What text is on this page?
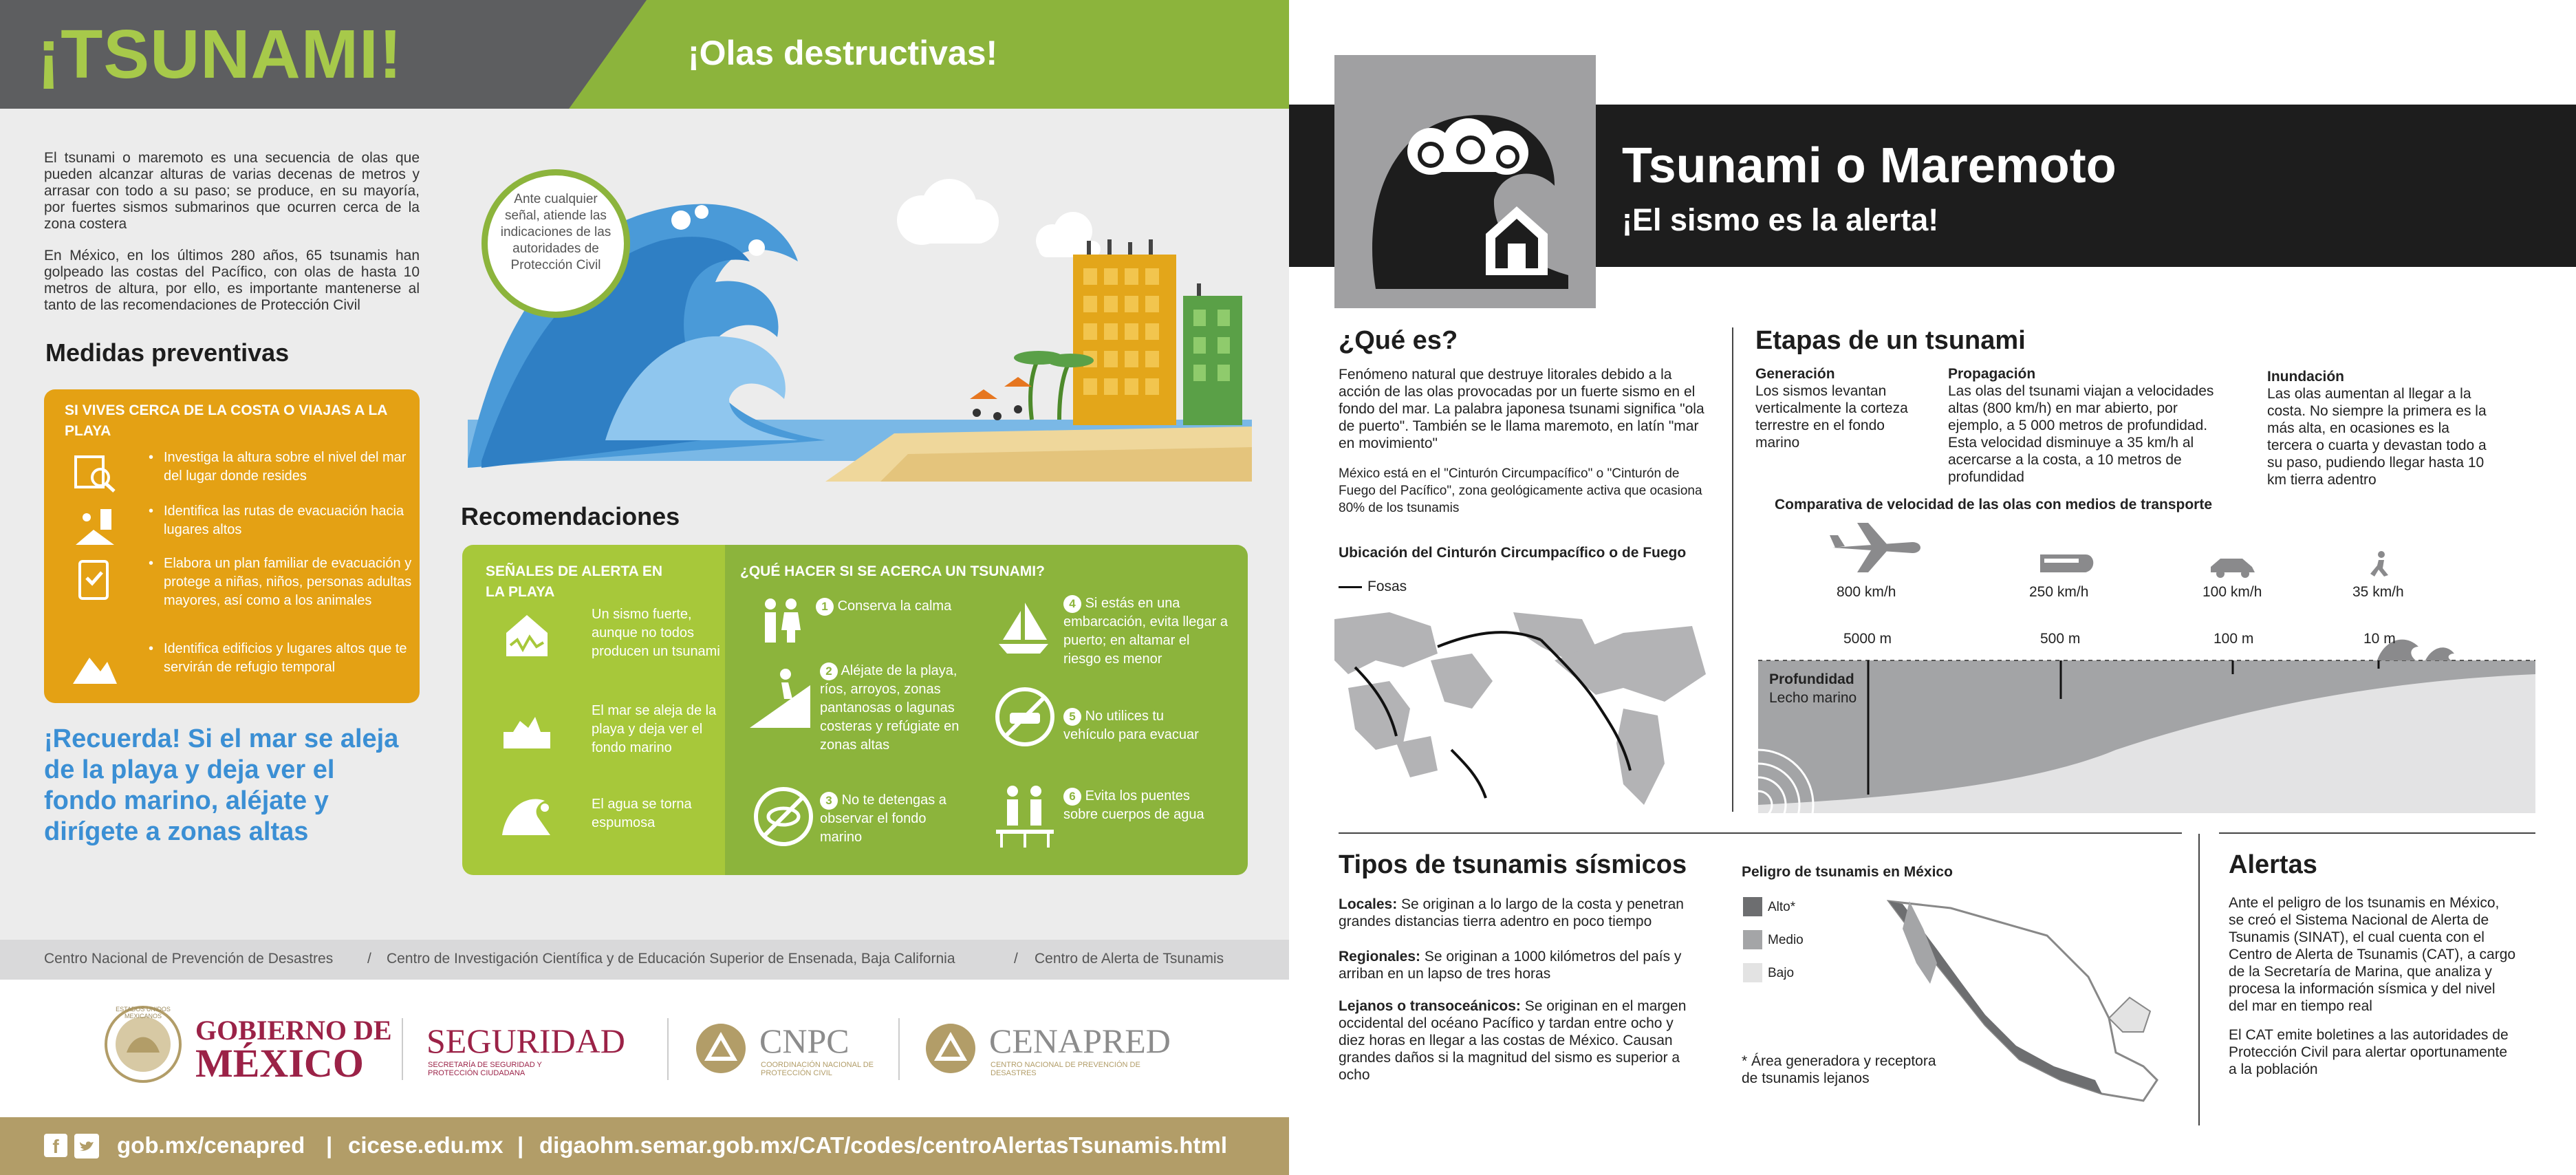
¡TSUNAMI!	¡Olas destructivas!
El tsunami o maremoto es una secuencia de olas que pueden alcanzar alturas de varias decenas de metros y arrasar con todo a su paso; se produce, en su mayoría, por fuertes sismos submarinos que ocurren cerca de la zona costera
En México, en los últimos 280 años, 65 tsunamis han golpeado las costas del Pacífico, con olas de hasta 10 metros de altura, por ello, es importante mantenerse al tanto de las recomendaciones de Protección Civil
Ante cualquier señal, atiende las indicaciones de las autoridades de Protección Civil
Medidas preventivas
SI VIVES CERCA DE LA COSTA O VIAJAS A LA PLAYA
• Investiga la altura sobre el nivel del mar del lugar donde resides
• Identifica las rutas de evacuación hacia lugares altos
• Elabora un plan familiar de evacuación y protege a niñas, niños, personas adultas mayores, así como a los animales
• Identifica edificios y lugares altos que te servirán de refugio temporal
¡Recuerda! Si el mar se aleja de la playa y deja ver el fondo marino, aléjate y dirígete a zonas altas
Recomendaciones
SEÑALES DE ALERTA EN LA PLAYA
Un sismo fuerte, aunque no todos producen un tsunami
El mar se aleja de la playa y deja ver el fondo marino
El agua se torna espumosa
¿QUÉ HACER SI SE ACERCA UN TSUNAMI?
1 Conserva la calma
2 Aléjate de la playa, ríos, arroyos, zonas pantanosas o lagunas costeras y refúgiate en zonas altas
3 No te detengas a observar el fondo marino
4 Si estás en una embarcación, evita llegar a puerto; en altamar el riesgo es menor
5 No utilices tu vehículo para evacuar
6 Evita los puentes sobre cuerpos de agua
Centro Nacional de Prevención de Desastres / Centro de Investigación Científica y de Educación Superior de Ensenada, Baja California	/ Centro de Alerta de Tsunamis
ESTADOS UNIDOS MEXICANOS	GOBIERNO DE
MÉXICO SEGURIDAD
SECRETARÍA DE SEGURIDAD Y PROTECCIÓN CIUDADANA
CNPC
COORDINACIÓN NACIONAL DE PROTECCIÓN CIVIL
CENAPRED
CENTRO NACIONAL DE PREVENCIÓN DE DESASTRES
f	gob.mx/cenapred | cicese.edu.mx | digaohm.semar.gob.mx/CAT/codes/centroAlertasTsunamis.html
Tsunami o Maremoto
¡El sismo es la alerta!
¿Qué es?
Fenómeno natural que destruye litorales debido a la acción de las olas provocadas por un fuerte sismo en el fondo del mar. La palabra japonesa tsunami significa "ola de puerto". También se le llama maremoto, en latín "mar en movimiento"
México está en el "Cinturón Circumpacífico" o "Cinturón de Fuego del Pacífico", zona geológicamente activa que ocasiona 80% de los tsunamis
Ubicación del Cinturón Circumpacífico o de Fuego
Fosas
Etapas de un tsunami
Generación
Los sismos levantan verticalmente la corteza terrestre en el fondo marino
Propagación
Las olas del tsunami viajan a velocidades altas (800 km/h) en mar abierto, por ejemplo, a 5 000 metros de profundidad. Esta velocidad disminuye a 35 km/h al acercarse a la costa, a 10 metros de profundidad
Inundación
Las olas aumentan al llegar a la costa. No siempre la primera es la más alta, en ocasiones es la tercera o cuarta y devastan todo a su paso, pudiendo llegar hasta 10 km tierra adentro
Comparativa de velocidad de las olas con medios de transporte
800 km/h	250 km/h	100 km/h	35 km/h
5000 m	500 m	100 m	10 m
Profundidad
Lecho marino
Tipos de tsunamis sísmicos
Locales: Se originan a lo largo de la costa y penetran grandes distancias tierra adentro en poco tiempo
Regionales: Se originan a 1000 kilómetros del país y arriban en un lapso de tres horas
Lejanos o transoceánicos: Se originan en el margen occidental del océano Pacífico y tardan entre ocho y diez horas en llegar a las costas de México. Causan grandes daños si la magnitud del sismo es superior a ocho
Peligro de tsunamis en México
Alto*
Medio
Bajo
* Área generadora y receptora de tsunamis lejanos
Alertas
Ante el peligro de los tsunamis en México, se creó el Sistema Nacional de Alerta de Tsunamis (SINAT), el cual cuenta con el Centro de Alerta de Tsunamis (CAT), a cargo de la Secretaría de Marina, que analiza y procesa la información sísmica y del nivel del mar en tiempo real
El CAT emite boletines a las autoridades de Protección Civil para alertar oportunamente a la población
